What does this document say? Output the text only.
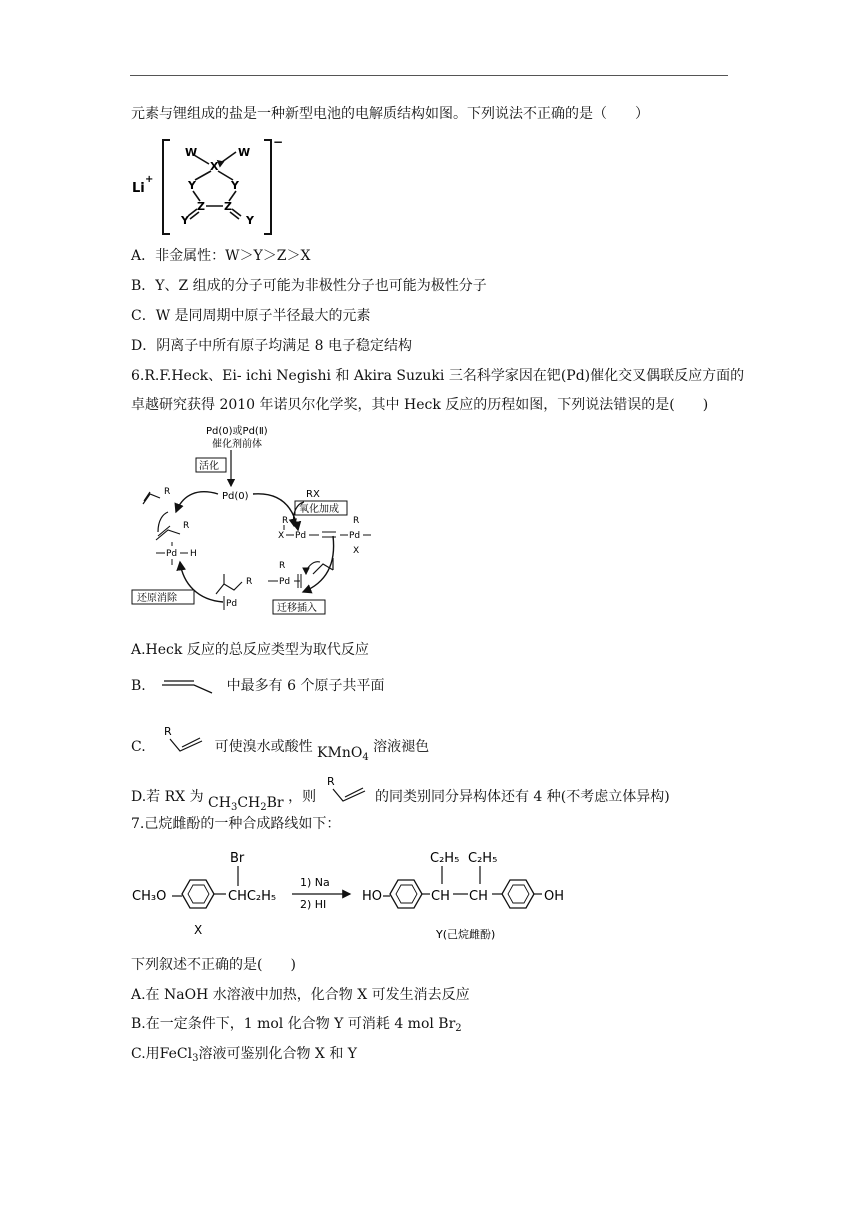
元素与锂组成的盐是一种新型电池的电解质结构如图。下列说法不正确的是（　　）
Li
+
−
W	W
X
Y	Y
Z Z
Y	Y
A．非金属性：W＞Y＞Z＞X
B．Y、Z 组成的分子可能为非极性分子也可能为极性分子
C．W 是同周期中原子半径最大的元素
D．阴离子中所有原子均满足 8 电子稳定结构
6.R.F.Heck、Ei- ichi Negishi 和 Akira Suzuki 三名科学家因在钯(Pd)催化交叉偶联反应方面的
卓越研究获得 2010 年诺贝尔化学奖，其中 Heck 反应的历程如图，下列说法错误的是(　　)
Pd(0)或Pd(Ⅱ)
催化剂前体
活化
Pd(0)
R	RX
氧化加成
R
X Pd
R
Pd
X
R
Pd
迁移插入
R
Pd
还原消除
R
Pd H
A.Heck 反应的总反应类型为取代反应
B.	中最多有 6 个原子共平面
C.
R
可使溴水或酸性 KMnO$_4$ 溶液褪色
D.若 RX 为 $CH_3CH_2Br$ ，则
R
的同类别同分异构体还有 4 种(不考虑立体异构)
7.己烷雌酚的一种合成路线如下：
CH₃O
Br
CHC₂H₅
X
1) Na
2) HI
HO
C₂H₅ C₂H₅
CH CH	OH
Y(己烷雌酚)
下列叙述不正确的是(　　)
A.在 NaOH 水溶液中加热，化合物 X 可发生消去反应
B.在一定条件下，1 mol 化合物 Y 可消耗 4 mol $Br_2$
C.用FeCl$_3$溶液可鉴别化合物 X 和 Y
